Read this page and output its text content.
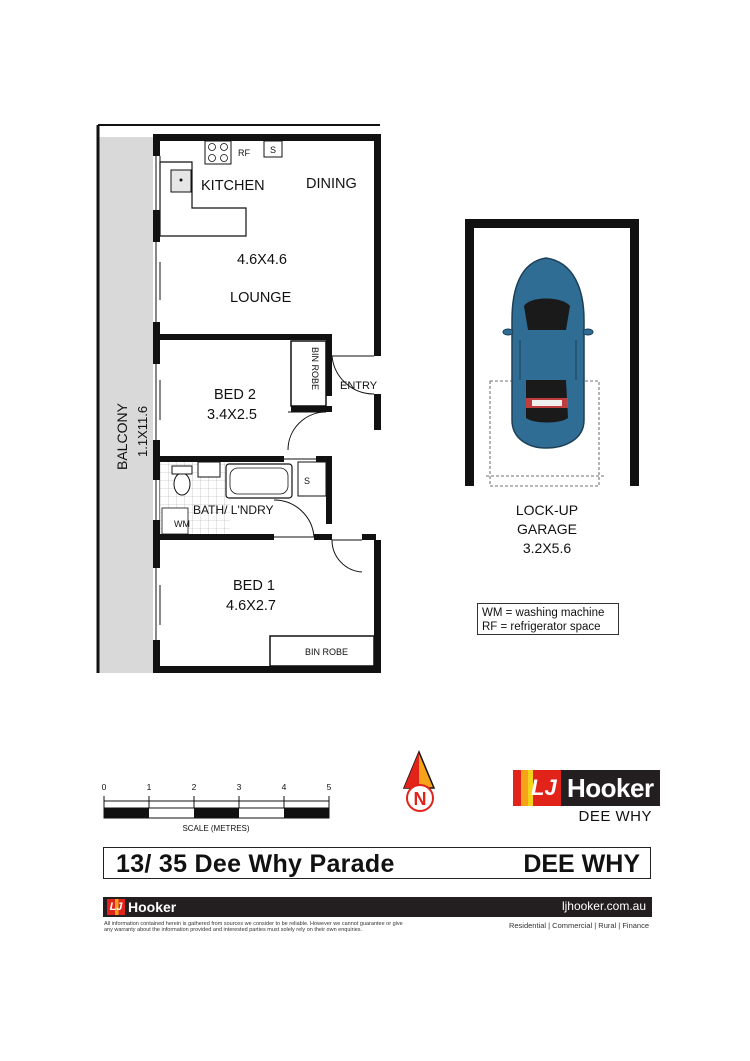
KITCHEN	DINING
4.6X4.6
LOUNGE
BED 2
3.4X2.5
BED 1
4.6X2.7
ENTRY
BATH/ L'NDRY
WM
S
S
RF
BIN ROBE
BIN ROBE
BALCONY 1.1X11.6
LOCK-UP
GARAGE
3.2X5.6
0	1	2	3	4	5
SCALE (METRES)
N
WM = washing machine
RF = refrigerator space
LJ Hooker
DEE WHY
13/ 35 Dee Why Parade	DEE WHY
LJ Hooker	ljhooker.com.au
All information contained herein is gathered from sources we consider to be reliable. However we cannot guarantee or give any warranty about the information provided and interested parties must solely rely on their own enquiries.	Residential | Commercial | Rural | Finance
